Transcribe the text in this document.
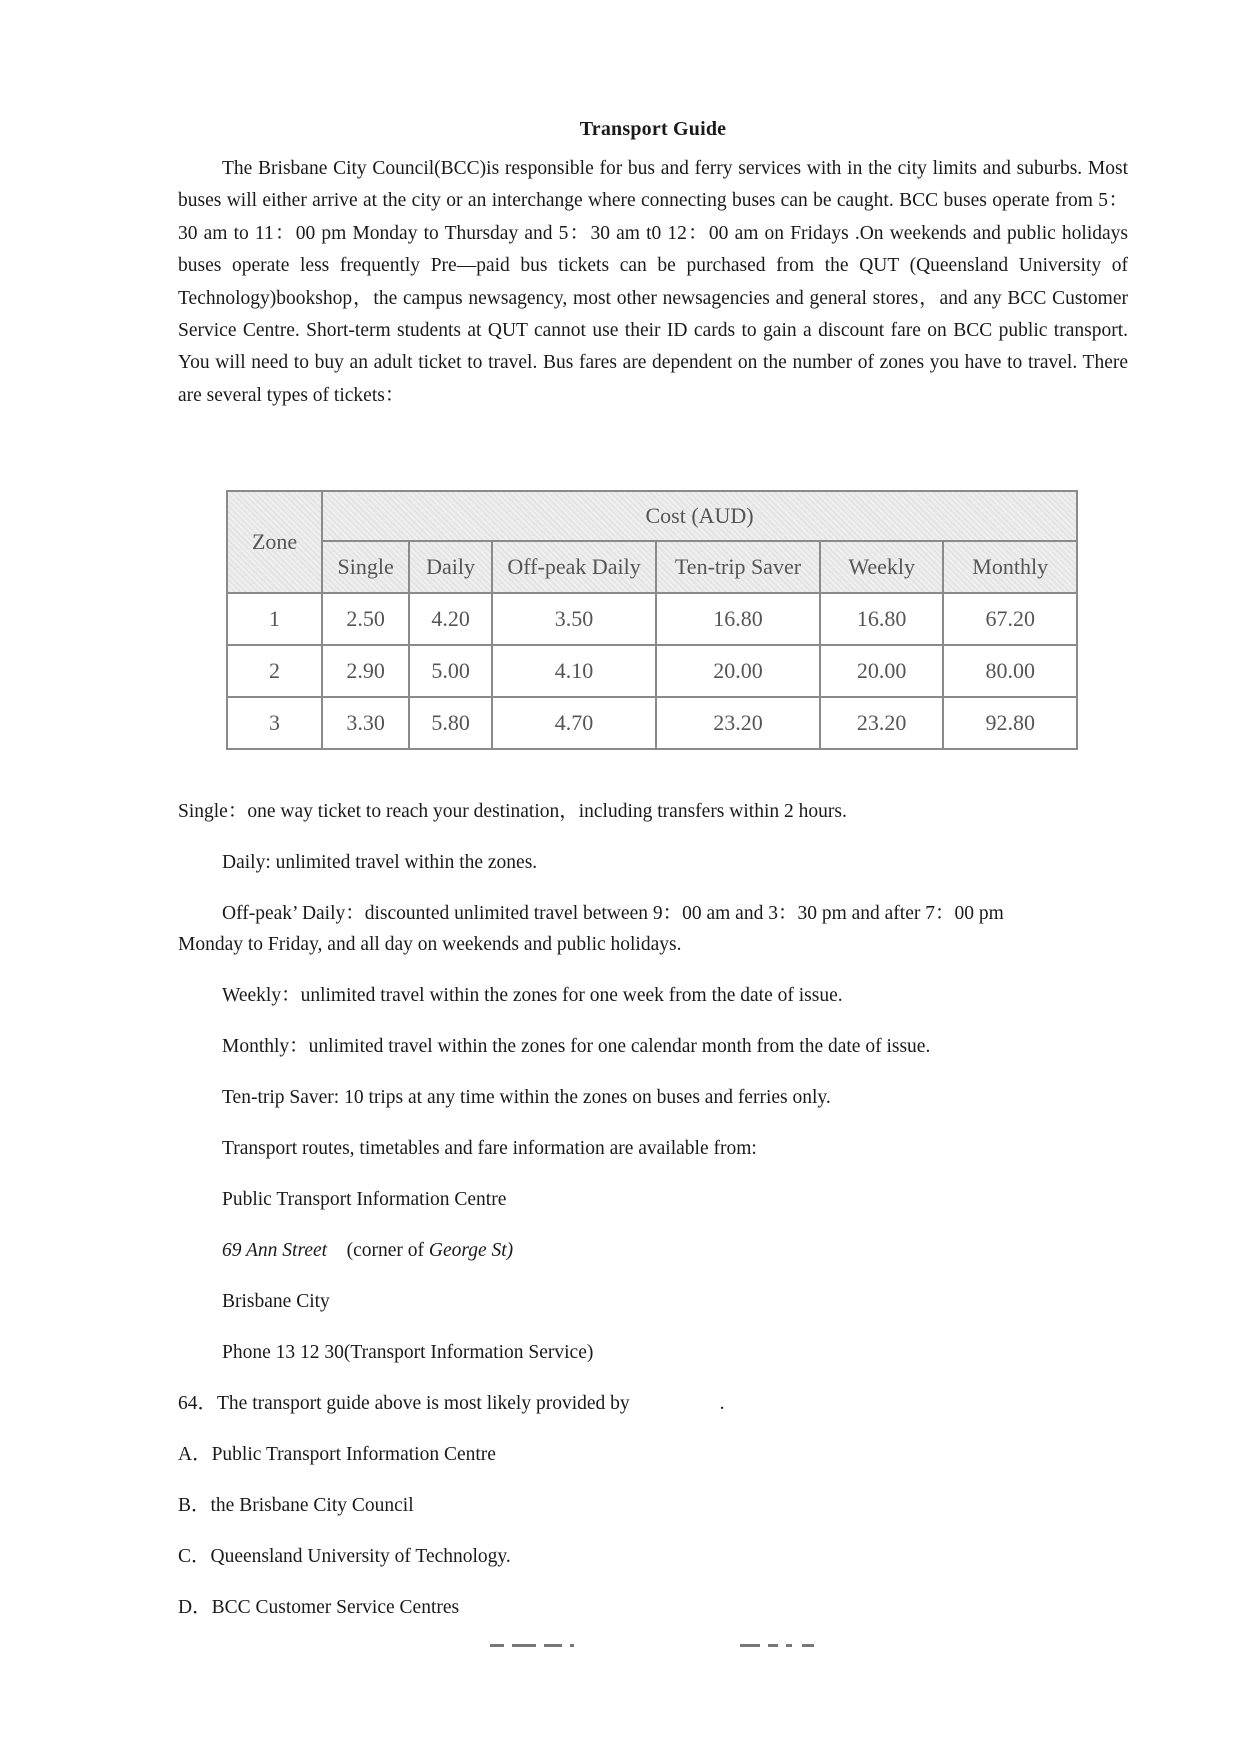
Transport Guide

The Brisbane City Council(BCC)is responsible for bus and ferry services with in the city limits and suburbs. Most buses will either arrive at the city or an interchange where connecting buses can be caught. BCC buses operate from 5：30 am to 11：00 pm Monday to Thursday and 5：30 am t0 12：00 am on Fridays .On weekends and public holidays buses operate less frequently Pre—paid bus tickets can be purchased from the QUT (Queensland University of Technology)bookshop，the campus newsagency, most other newsagencies and general stores，and any BCC Customer Service Centre. Short-term students at QUT cannot use their ID cards to gain a discount fare on BCC public transport. You will need to buy an adult ticket to travel. Bus fares are dependent on the number of zones you have to travel. There are several types of tickets：

Zone	Cost (AUD)					
	Single	Daily	Off-peak Daily	Ten-trip Saver	Weekly	Monthly
1	2.50	4.20	3.50	16.80	16.80	67.20
2	2.90	5.00	4.10	20.00	20.00	80.00
3	3.30	5.80	4.70	23.20	23.20	92.80

Single：one way ticket to reach your destination，including transfers within 2 hours.

Daily: unlimited travel within the zones.

Off-peak’ Daily：discounted unlimited travel between 9：00 am and 3：30 pm and after 7：00 pm

Monday to Friday, and all day on weekends and public holidays.

Weekly：unlimited travel within the zones for one week from the date of issue.

Monthly：unlimited travel within the zones for one calendar month from the date of issue.

Ten-trip Saver: 10 trips at any time within the zones on buses and ferries only.

Transport routes, timetables and fare information are available from:

Public Transport Information Centre

69 Ann Street (corner of George St)

Brisbane City

Phone 13 12 30(Transport Information Service)

64．The transport guide above is most likely provided by	.

A．Public Transport Information Centre

B．the Brisbane City Council

C．Queensland University of Technology.

D．BCC Customer Service Centres
